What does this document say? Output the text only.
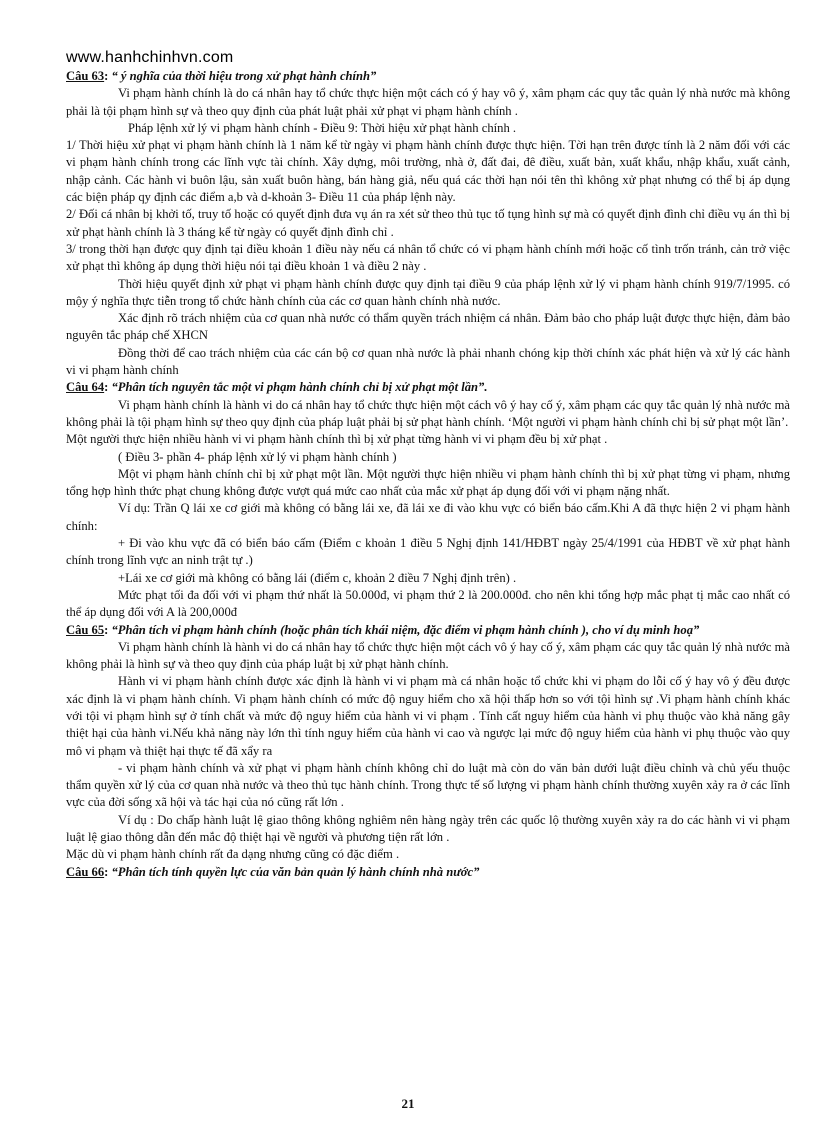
www.hanhchinhvn.com

Câu 63: “ ý nghĩa của thời hiệu trong xử phạt hành chính”

Vi phạm hành chính là do cá nhân hay tổ chức thực hiện một cách có ý hay vô ý, xâm phạm các quy tắc quản lý nhà nước mà không phải là tội phạm hình sự và theo quy định của phát luật phải xử phạt vi phạm hành chính .

Pháp lệnh xử lý vi phạm hành chính - Điều 9: Thời hiệu xử phạt hành chính .

1/ Thời hiệu xử phạt vi phạm hành chính là 1 năm kể từ ngày vi phạm hành chính được thực hiện. Tời hạn trên được tính là 2 năm đối với các vi phạm hành chính trong các lĩnh vực tài chính. Xây dựng, môi trường, nhà ở, đất đai, đê điều, xuất bản, xuất khẩu, nhập khẩu, xuất cảnh, nhập cảnh. Các hành vi buôn lậu, sản xuất buôn hàng, bán hàng giả, nếu quá các thời hạn nói tên thì không xử phạt nhưng có thể bị áp dụng các biện pháp qy định các điểm a,b và d-khoản 3- Điều 11 của pháp lệnh này.

2/ Đối cá nhân bị khởi tố, truy tố hoặc có quyết định đưa vụ án ra xét sử theo thủ tục tố tụng hình sự mà có quyết định đình chỉ điều vụ án thì bị xử phạt hành chính là 3 tháng kể từ ngày có quyết định đình chỉ .

3/ trong thời hạn được quy định tại điều khoản 1 điều này nếu cá nhân tổ chức có vi phạm hành chính mới hoặc cố tình trốn tránh, cản trở việc xử phạt thì không áp dụng thời hiệu nói tại điều khoản 1 và điều 2 này .

Thời hiệu quyết định xử phạt vi phạm hành chính được quy định tại điều 9 của pháp lệnh xử lý vi phạm hành chính 919/7/1995. có mộy ý nghĩa thực tiễn trong tổ chức hành chính của các cơ quan hành chính nhà nước.

Xác định rõ trách nhiệm của cơ quan nhà nước có thẩm quyền trách nhiệm cá nhân. Đảm bảo cho pháp luật được thực hiện, đảm bảo nguyên tắc pháp chế XHCN

Đồng thời để cao trách nhiệm của các cán bộ cơ quan nhà nước là phải nhanh chóng kịp thời chính xác phát hiện và xử lý các hành vi vi phạm hành chính

Câu 64: “Phân tích nguyên tắc một vi phạm hành chính chỉ bị xử phạt một lần”.

Vi phạm hành chính là hành vi do cá nhân hay tổ chức thực hiện một cách vô ý hay cố ý, xâm phạm các quy tắc quản lý nhà nước mà không phải là tội phạm hình sự theo quy định của pháp luật phải bị sử phạt hành chính. ‘Một người vi phạm hành chính chỉ bị sử phạt một lần’.

Một người thực hiện nhiều hành vi vi phạm hành chính thì bị xử phạt từng hành vi vi phạm đều bị xử phạt .

( Điều 3- phần 4- pháp lệnh xử lý vi phạm hành chính )

Một vi phạm hành chính chỉ bị xử phạt một lần. Một người thực hiện nhiều vi phạm hành chính thì bị xử phạt từng vi phạm, nhưng tổng hợp hình thức phạt chung không được vượt quá mức cao nhất của mắc xử phạt áp dụng đối với vi phạm nặng nhất.

Ví dụ: Trần Q lái xe cơ giới mà không có bằng lái xe, đã lái xe đi vào khu vực có biển báo cấm.Khi A đã thực hiện 2 vi phạm hành chính:

+ Đi vào khu vực đã có biển báo cấm (Điểm c khoản 1 điều 5 Nghị định 141/HĐBT ngày 25/4/1991 của HĐBT về xử phạt hành chính trong lĩnh vực an ninh trật tự .)

+Lái xe cơ giới mà không có bằng lái (điểm c, khoản 2 điều 7 Nghị định trên) .

Mức phạt tối đa đối với vi phạm thứ nhất là 50.000đ, vi phạm thứ 2 là 200.000đ. cho nên khi tổng hợp mắc phạt tị mắc cao nhất có thể áp dụng đối với A là 200,000đ

Câu 65: “Phân tích vi phạm hành chính (hoặc phân tích khái niệm, đặc điểm vi phạm hành chính ), cho ví dụ minh hoạ”

Vi phạm hành chính là hành vi do cá nhân hay tổ chức thực hiện một cách vô ý hay cố ý, xâm phạm các quy tắc quản lý nhà nước mà không phải là hình sự và theo quy định của pháp luật bị xử phạt hành chính.

Hành vi vi phạm hành chính được xác định là hành vi vi phạm mà cá nhân hoặc tổ chức khi vi phạm do lỗi cố ý hay vô ý đều được xác định là vi phạm hành chính. Vi phạm hành chính có mức độ nguy hiểm cho xã hội thấp hơn so với tội hình sự .Vi phạm hành chính khác với tội vi phạm hình sự ở tính chất và mức độ nguy hiểm của hành vi vi phạm . Tính cất nguy hiểm của hành vi phụ thuộc vào khả năng gây thiệt hại của hành vi.Nếu khả năng này lớn thì tính nguy hiểm của hành vi cao và ngược lại mức độ nguy hiểm của hành vi phụ thuộc vào quy mô vi phạm và thiệt hại thực tế đã xẩy ra

- vi phạm hành chính và xử phạt vi phạm hành chính không chỉ do luật mà còn do văn bản dưới luật điều chỉnh và chủ yếu thuộc thẩm quyền xử lý của cơ quan nhà nước và theo thủ tục hành chính. Trong thực tế số lượng vi phạm hành chính thường xuyên xảy ra ở các lĩnh vực của đời sống xã hội và tác hại của nó cũng rất lớn .

Ví dụ : Do chấp hành luật lệ giao thông không nghiêm nên hàng ngày trên các quốc lộ thường xuyên xảy ra do các hành vi vi phạm luật lệ giao thông dẫn đến mắc độ thiệt hại về người và phương tiện rất lớn .

Mặc dù vi phạm hành chính rất đa dạng nhưng cũng có đặc điểm .

Câu 66: “Phân tích tính quyền lực của văn bản quản lý hành chính nhà nước”

21
